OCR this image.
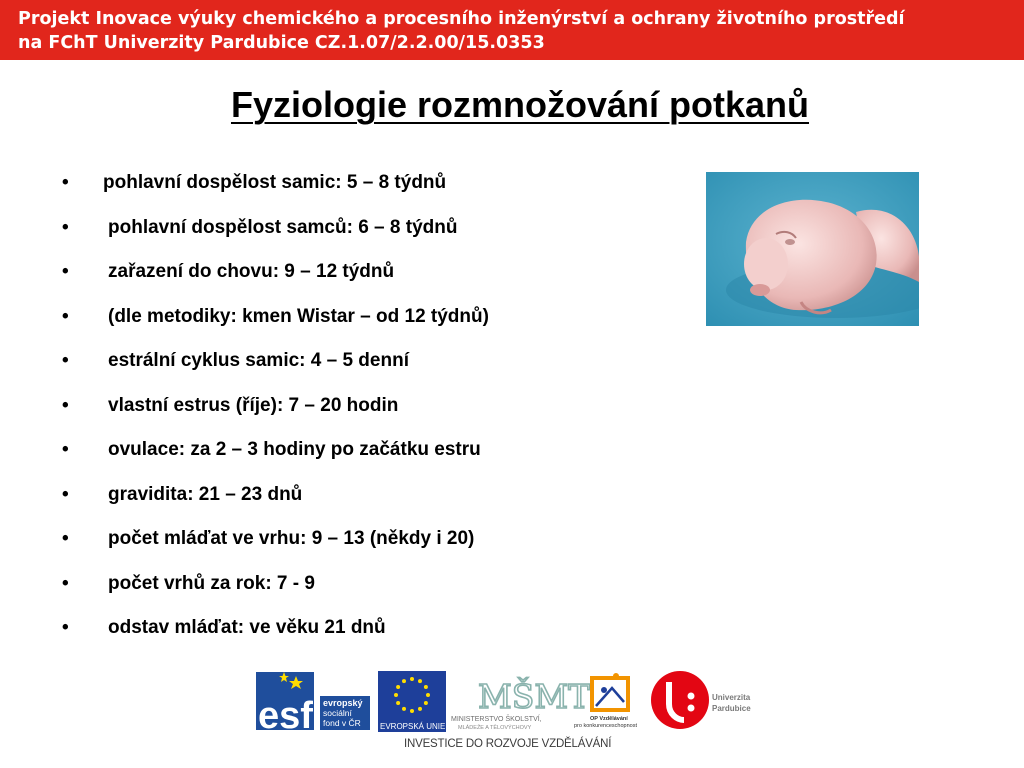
Projekt Inovace výuky chemického a procesního inženýrství a ochrany životního prostředí
na FChT Univerzity Pardubice CZ.1.07/2.2.00/15.0353
Fyziologie rozmnožování potkanů
• pohlavní dospělost samic: 5 – 8 týdnů
• pohlavní dospělost samců: 6 – 8 týdnů
• zařazení do chovu: 9 – 12 týdnů
• (dle metodiky: kmen Wistar – od 12 týdnů)
• estrální cyklus samic: 4 – 5 denní
• vlastní estrus (říje): 7 – 20 hodin
• ovulace: za 2 – 3 hodiny po začátku estru
• gravidita: 21 – 23 dnů
• počet mláďat ve vrhu: 9 – 13 (někdy i 20)
• počet vrhů za rok: 7 - 9
• odstav mláďat: ve věku 21 dnů
esf evropský
sociální
fond v ČR EVROPSKÁ UNIE
MŠMT
MINISTERSTVO ŠKOLSTVÍ,
MLÁDEŽE A TĚLOVÝCHOVY
OP Vzdělávání
pro konkurenceschopnost
Univerzita
Pardubice
INVESTICE DO ROZVOJE VZDĚLÁVÁNÍ
